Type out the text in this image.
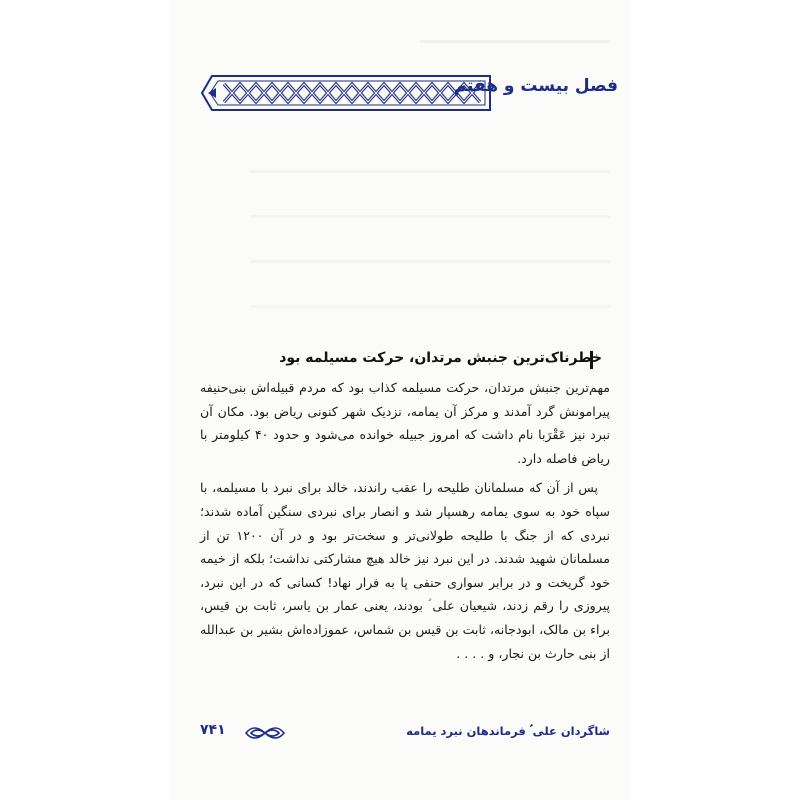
فصل بیست و هفتم
خطرناک‌ترین جنبش مرتدان، حرکت مسیلمه بود

مهم‌ترین جنبش مرتدان، حرکت مسیلمه کذاب بود که مردم قبیله‌اش بنی‌حنیفه پیرامونش گرد آمدند و مرکز آن یمامه، نزدیک شهر کنونی ریاض بود. مکان آن نبرد نیز عَقْرَبا نام داشت که امروز جبیله خوانده می‌شود و حدود ۴۰ کیلومتر با ریاض فاصله دارد.

پس از آن که مسلمانان طلیحه را عقب راندند، خالد برای نبرد با مسیلمه، با سپاه خود به سوی یمامه رهسپار شد و انصار برای نبردی سنگین آماده شدند؛ نبردی که از جنگ با طلیحه طولانی‌تر و سخت‌تر بود و در آن ۱۲۰۰ تن از مسلمانان شهید شدند. در این نبرد نیز خالد هیچ مشارکتی نداشت؛ بلکه از خیمه خود گریخت و در برابر سواری حنفی پا به فرار نهاد! کسانی که در این نبرد، پیروزی را رقم زدند، شیعیان علی ؑ بودند، یعنی عمار بن یاسر، ثابت بن قیس، براء بن مالک، ابودجانه، ثابت بن قیس بن شماس، عموزاده‌اش بشیر بن عبدالله از بنی حارث بن نجار، و . . . .

۷۴۱	شاگردان علی ؑ فرماندهان نبرد یمامه
